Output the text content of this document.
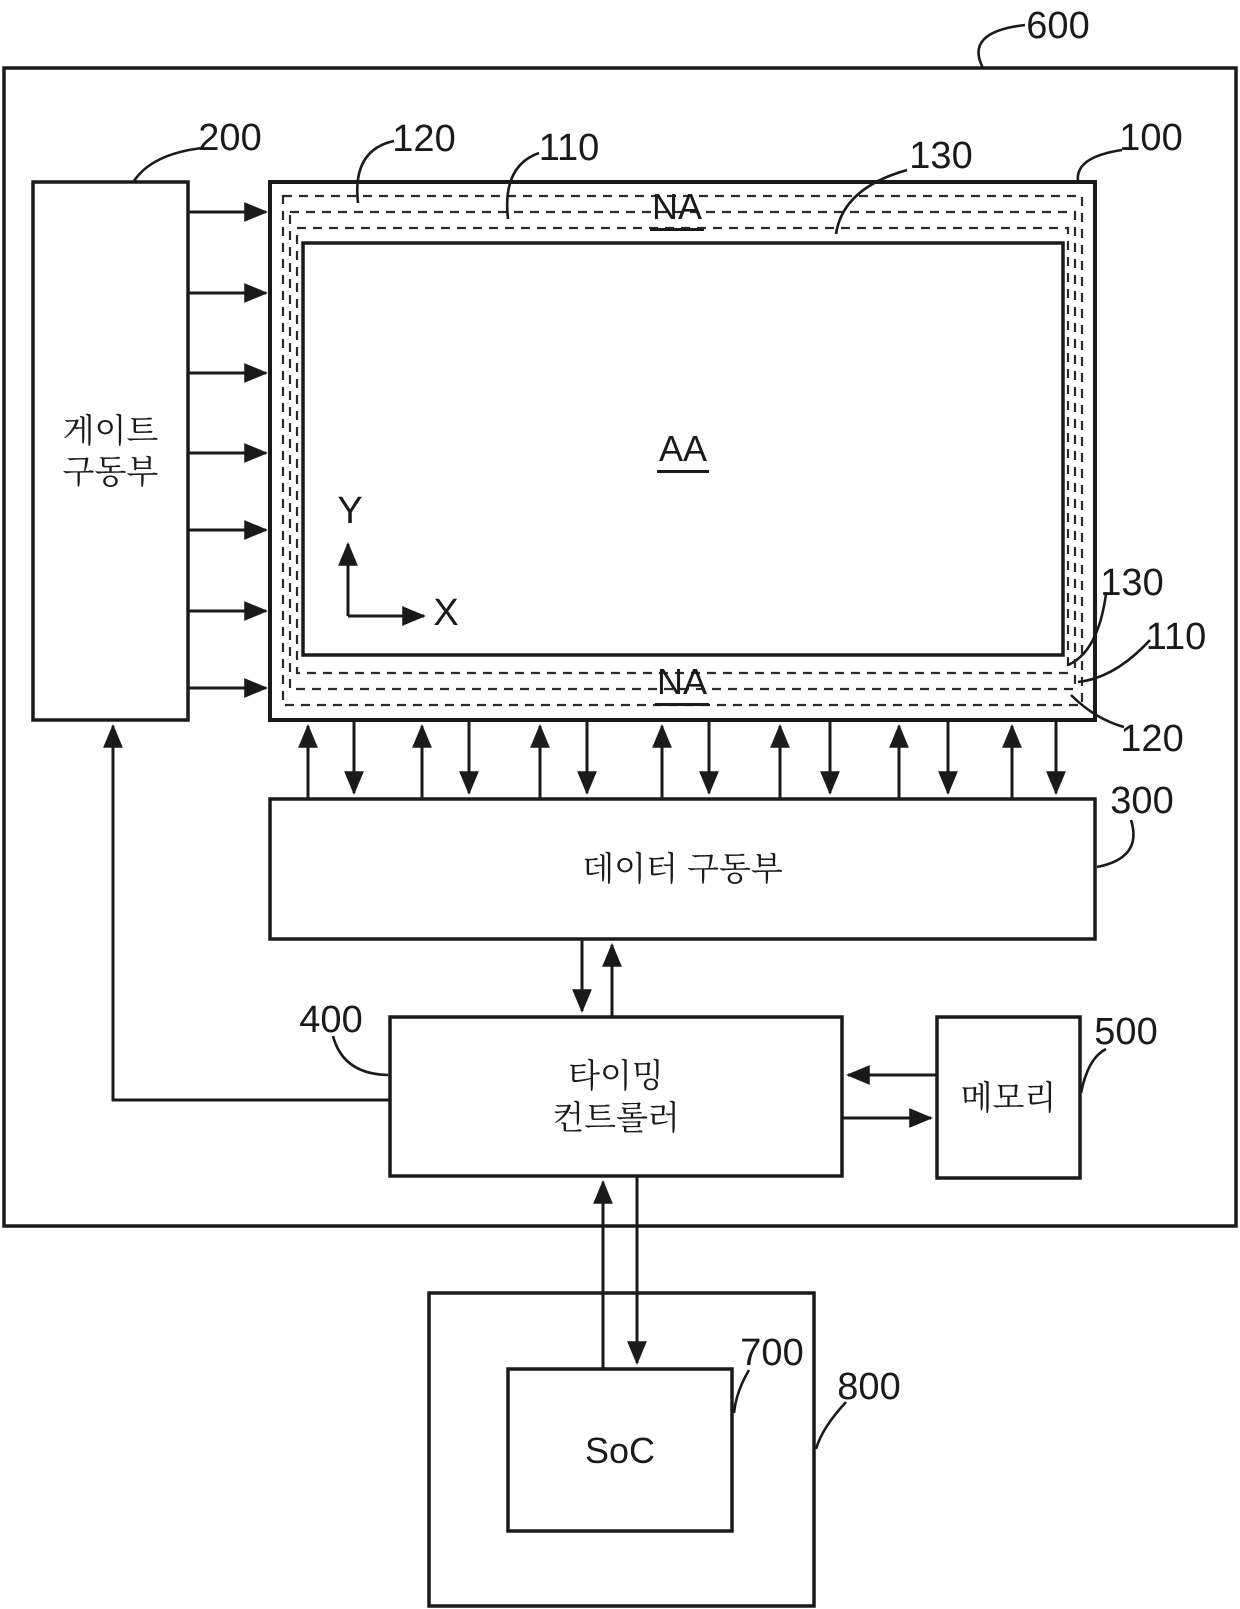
게이트
구동부
데이터 구동부
타이밍
컨트롤러
메모리
SoC
NA
AA
NA
Y
X
600
200	120 110	130	100
130
110
120
300
400	500
700
800
